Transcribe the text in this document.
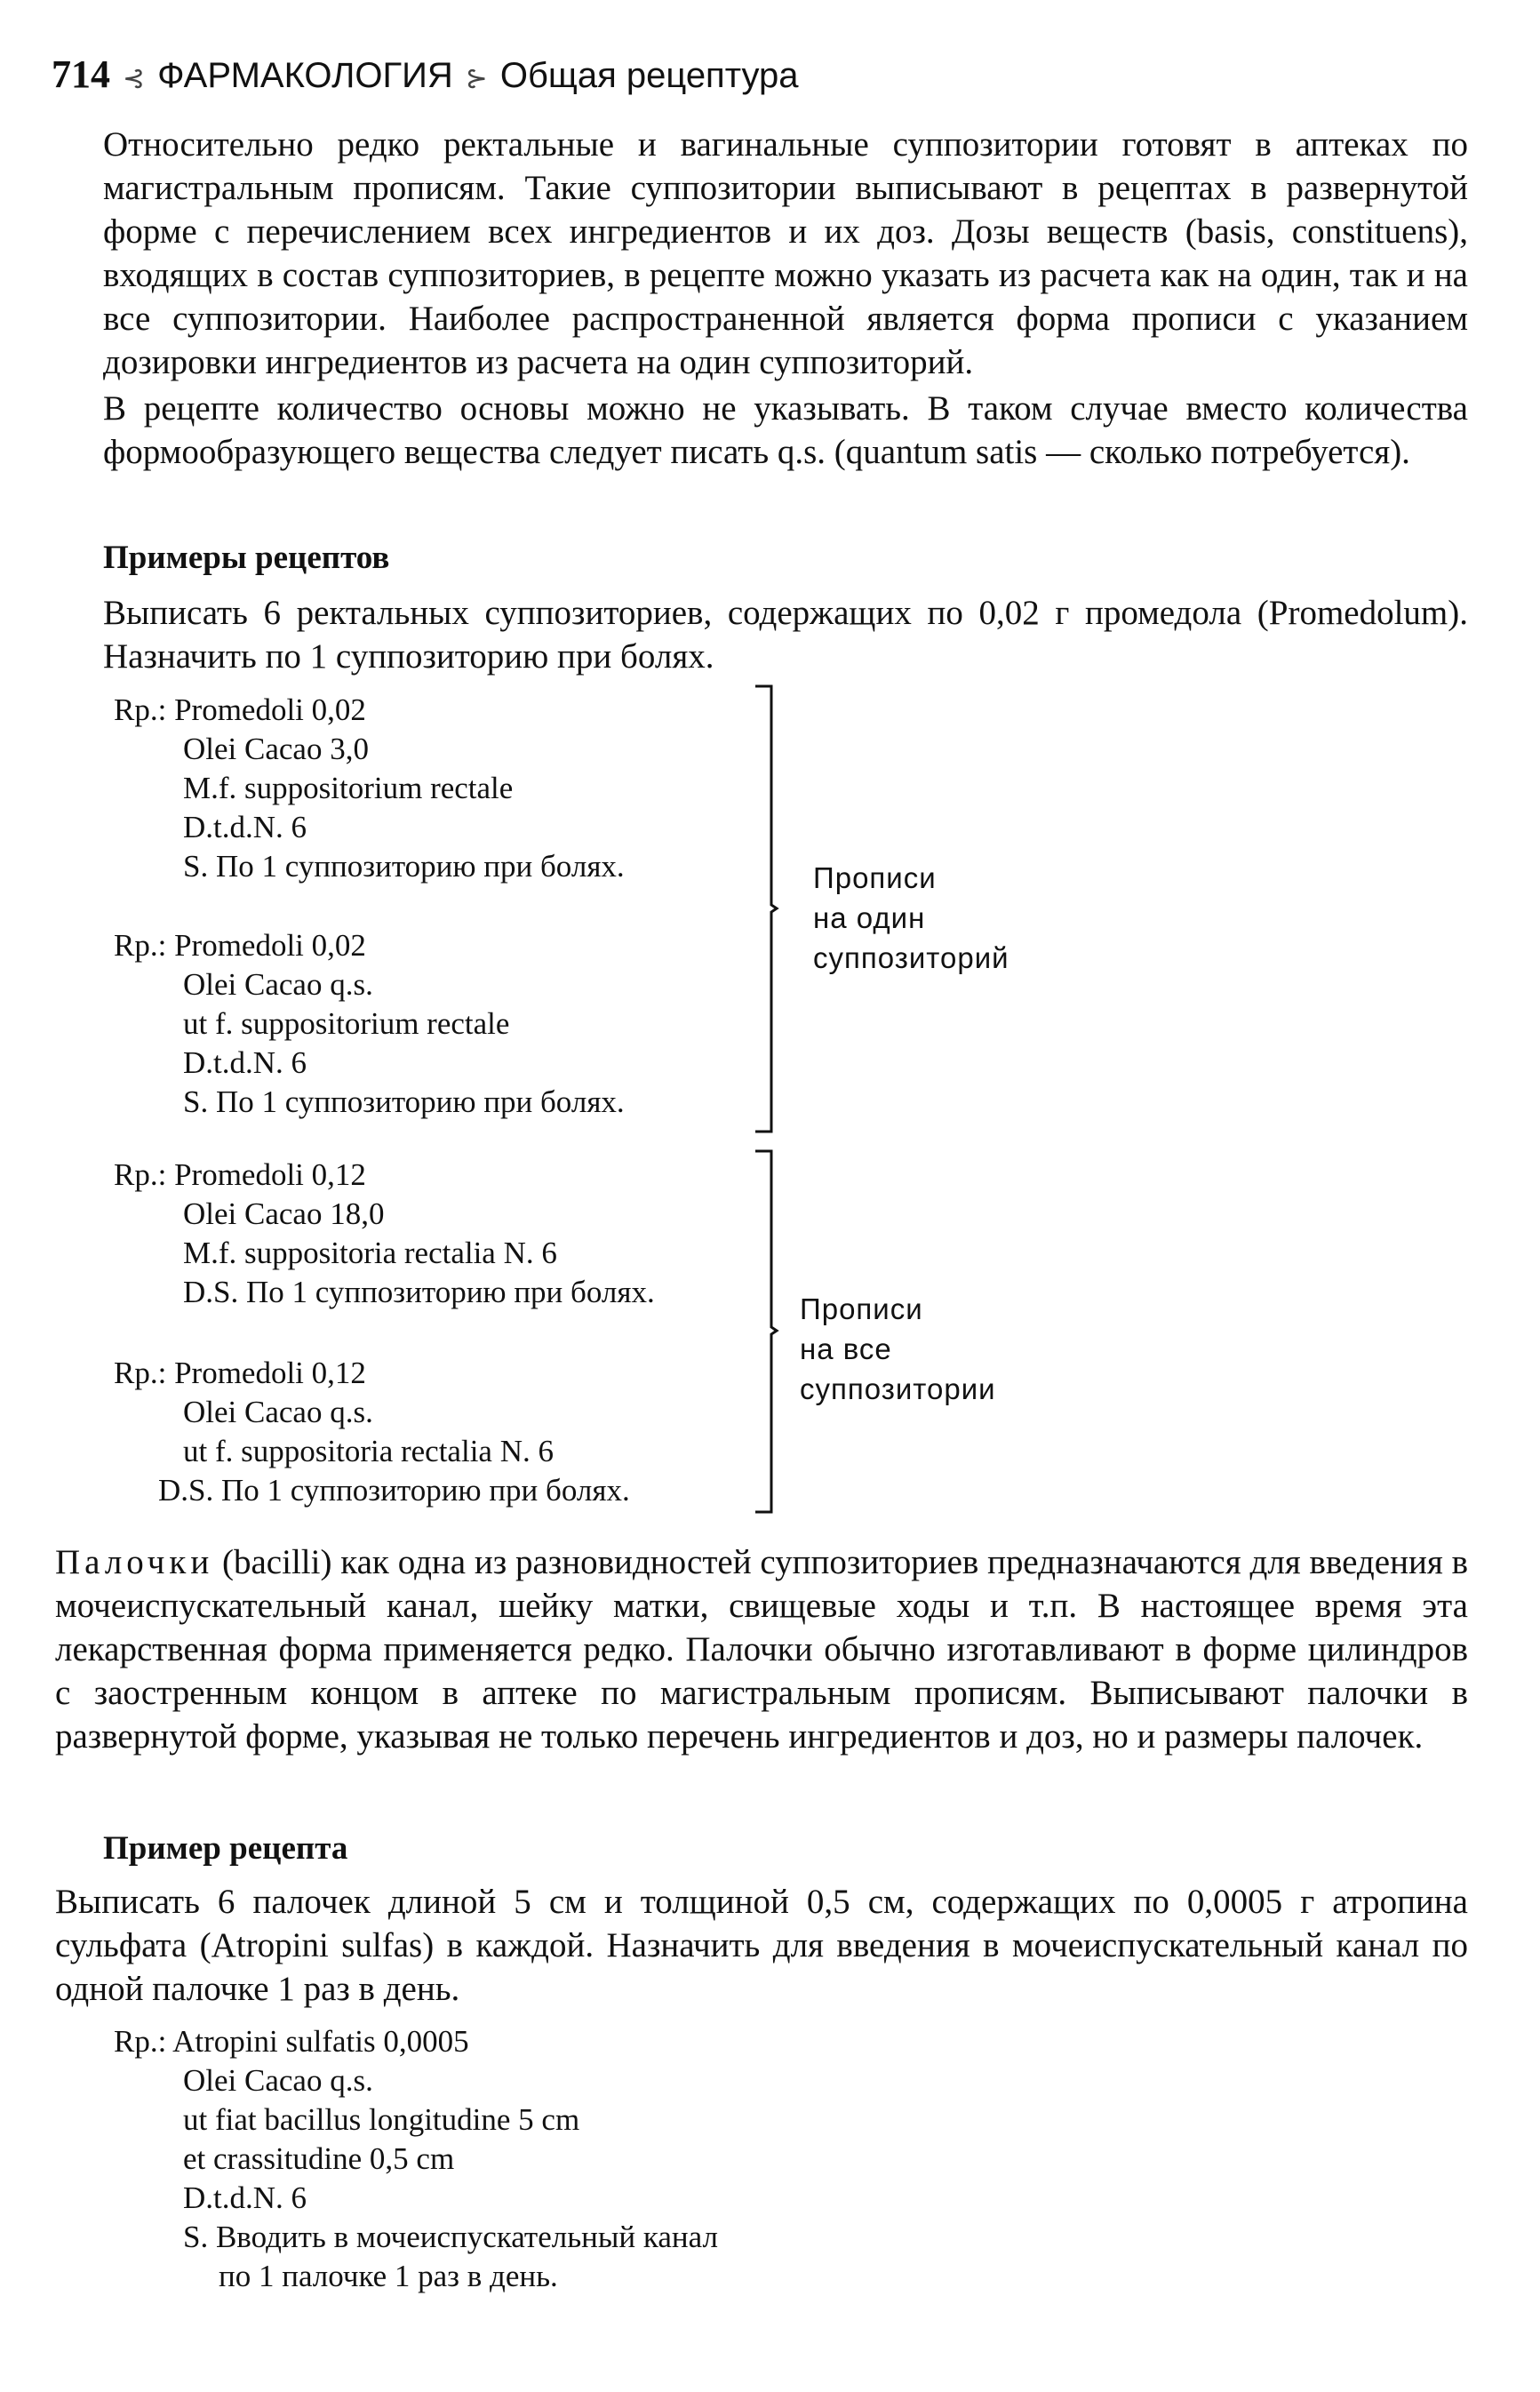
714 ⊰ ФАРМАКОЛОГИЯ ⊱ Общая рецептура

Относительно редко ректальные и вагинальные суппозитории готовят в аптеках по магистральным прописям. Такие суппозитории выписывают в рецептах в развернутой форме с перечислением всех ингредиентов и их доз. Дозы веществ (basis, constituens), входящих в состав суппозиториев, в рецепте можно указать из расчета как на один, так и на все суппозитории. Наиболее распространенной является форма прописи с указанием дозировки ингредиентов из расчета на один суппозиторий.

В рецепте количество основы можно не указывать. В таком случае вместо количества формообразующего вещества следует писать q.s. (quantum satis — сколько потребуется).

Примеры рецептов

Выписать 6 ректальных суппозиториев, содержащих по 0,02 г промедола (Promedolum). Назначить по 1 суппозиторию при болях.

Rp.: Promedoli 0,02
Olei Cacao 3,0
M.f. suppositorium rectale
D.t.d.N. 6
S. По 1 суппозиторию при болях.
Rp.: Promedoli 0,02
Olei Cacao q.s.
ut f. suppositorium rectale
D.t.d.N. 6
S. По 1 суппозиторию при болях.
Прописи
на один
суппозиторий
Rp.: Promedoli 0,12
Olei Cacao 18,0
M.f. suppositoria rectalia N. 6
D.S. По 1 суппозиторию при болях.
Rp.: Promedoli 0,12
Olei Cacao q.s.
ut f. suppositoria rectalia N. 6
D.S. По 1 суппозиторию при болях.
Прописи
на все
суппозитории

Палочки (bacilli) как одна из разновидностей суппозиториев предназначаются для введения в мочеиспускательный канал, шейку матки, свищевые ходы и т.п. В настоящее время эта лекарственная форма применяется редко. Палочки обычно изготавливают в форме цилиндров с заостренным концом в аптеке по магистральным прописям. Выписывают палочки в развернутой форме, указывая не только перечень ингредиентов и доз, но и размеры палочек.

Пример рецепта

Выписать 6 палочек длиной 5 см и толщиной 0,5 см, содержащих по 0,0005 г атропина сульфата (Atropini sulfas) в каждой. Назначить для введения в мочеиспускательный канал по одной палочке 1 раз в день.

Rp.: Atropini sulfatis 0,0005
Olei Cacao q.s.
ut fiat bacillus longitudine 5 cm
et crassitudine 0,5 cm
D.t.d.N. 6
S. Вводить в мочеиспускательный канал
по 1 палочке 1 раз в день.
